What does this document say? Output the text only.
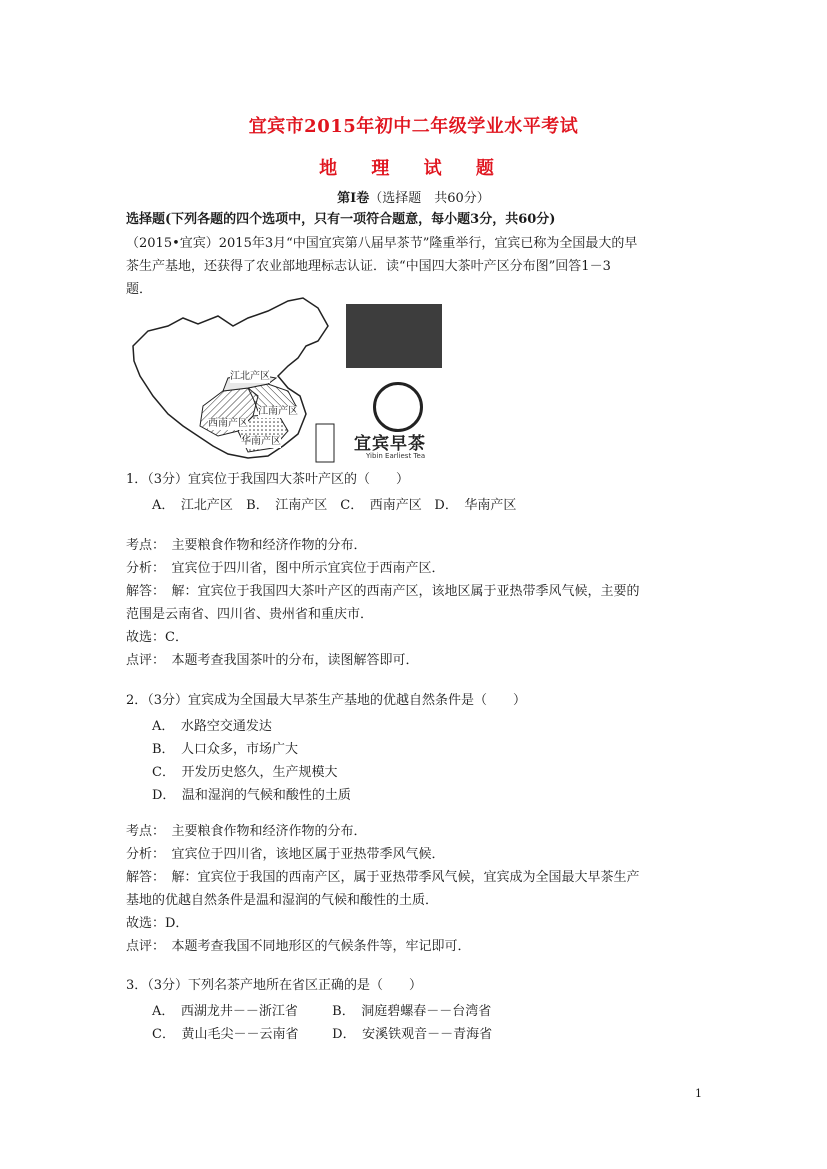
宜宾市2015年初中二年级学业水平考试
地 理 试 题
第Ⅰ卷（选择题　共60分）
选择题(下列各题的四个选项中，只有一项符合题意，每小题3分，共60分)
（2015•宜宾）2015年3月“中国宜宾第八届早茶节”隆重举行，宜宾已称为全国最大的早
茶生产基地，还获得了农业部地理标志认证．读“中国四大茶叶产区分布图”回答1－3
题．
江北产区
江南产区
西南产区
华南产区	宜宾早茶
Yibin Earliest Tea
1．（3分）宜宾位于我国四大茶叶产区的（　　）
A．　江北产区 B．　江南产区 C．　西南产区 D．　华南产区
考点：　主要粮食作物和经济作物的分布．
分析：　宜宾位于四川省，图中所示宜宾位于西南产区．
解答：　解：宜宾位于我国四大茶叶产区的西南产区，该地区属于亚热带季风气候，主要的
范围是云南省、四川省、贵州省和重庆市．
故选：C．
点评：　本题考查我国茶叶的分布，读图解答即可．
2．（3分）宜宾成为全国最大早茶生产基地的优越自然条件是（　　）
A．　水路空交通发达
B．　人口众多，市场广大
C．　开发历史悠久，生产规模大
D．　温和湿润的气候和酸性的土质
考点：　主要粮食作物和经济作物的分布．
分析：　宜宾位于四川省，该地区属于亚热带季风气候．
解答：　解：宜宾位于我国的西南产区，属于亚热带季风气候，宜宾成为全国最大早茶生产
基地的优越自然条件是温和湿润的气候和酸性的土质．
故选：D．
点评：　本题考查我国不同地形区的气候条件等，牢记即可．
3．（3分）下列名茶产地所在省区正确的是（　　）
A．　西湖龙井－－浙江省	B．　洞庭碧螺春－－台湾省
C．　黄山毛尖－－云南省	D．　安溪铁观音－－青海省
1
